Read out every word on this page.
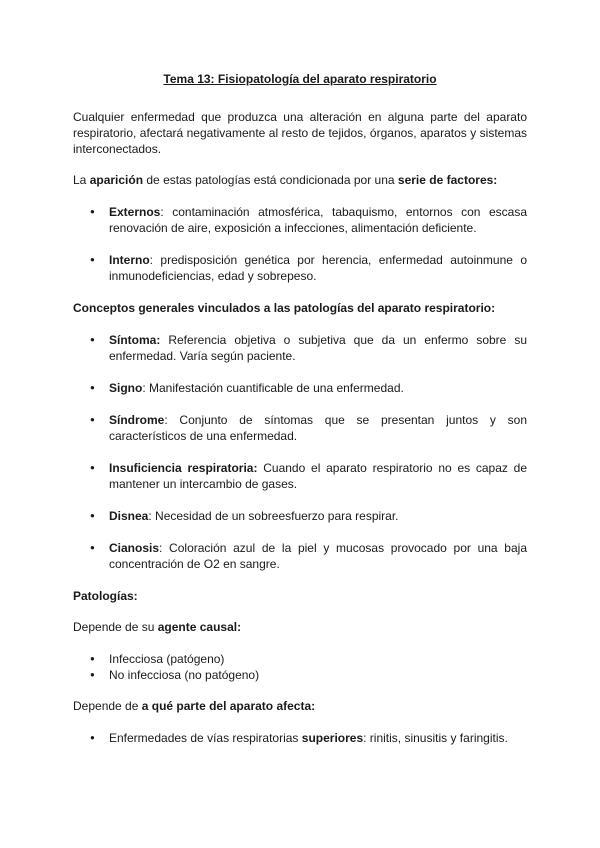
Tema 13: Fisiopatología del aparato respiratorio

Cualquier enfermedad que produzca una alteración en alguna parte del aparato respiratorio, afectará negativamente al resto de tejidos, órganos, aparatos y sistemas interconectados.

La aparición de estas patologías está condicionada por una serie de factores:

● Externos: contaminación atmosférica, tabaquismo, entornos con escasa renovación de aire, exposición a infecciones, alimentación deficiente.
● Interno: predisposición genética por herencia, enfermedad autoinmune o inmunodeficiencias, edad y sobrepeso.

Conceptos generales vinculados a las patologías del aparato respiratorio:

● Síntoma: Referencia objetiva o subjetiva que da un enfermo sobre su enfermedad. Varía según paciente.
● Signo: Manifestación cuantificable de una enfermedad.
● Síndrome: Conjunto de síntomas que se presentan juntos y son característicos de una enfermedad.
● Insuficiencia respiratoria: Cuando el aparato respiratorio no es capaz de mantener un intercambio de gases.
● Disnea: Necesidad de un sobreesfuerzo para respirar.
● Cianosis: Coloración azul de la piel y mucosas provocado por una baja concentración de O2 en sangre.

Patologías:

Depende de su agente causal:

● Infecciosa (patógeno)
● No infecciosa (no patógeno)

Depende de a qué parte del aparato afecta:

● Enfermedades de vías respiratorias superiores: rinitis, sinusitis y faringitis.
